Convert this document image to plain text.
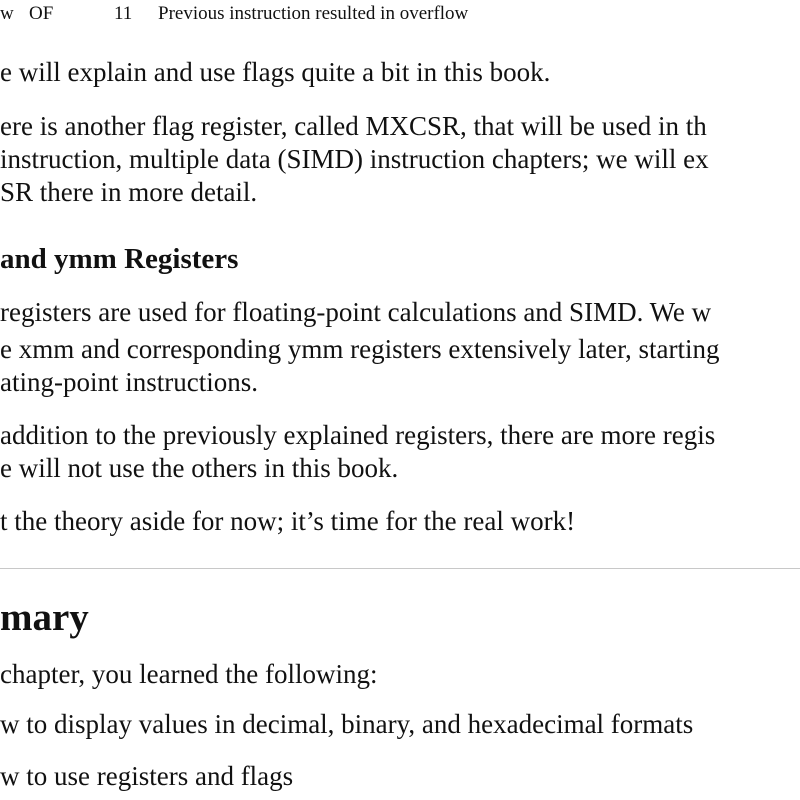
w OF	11 Previous instruction resulted in overflow
e will explain and use flags quite a bit in this book.
ere is another flag register, called MXCSR, that will be used in th
instruction, multiple data (SIMD) instruction chapters; we will ex
SR there in more detail.
and ymm Registers
registers are used for floating-point calculations and SIMD. We w
e xmm and corresponding ymm registers extensively later, starting
ating-point instructions.
addition to the previously explained registers, there are more regis
e will not use the others in this book.
t the theory aside for now; it’s time for the real work!
mary
chapter, you learned the following:
w to display values in decimal, binary, and hexadecimal formats
w to use registers and flags
